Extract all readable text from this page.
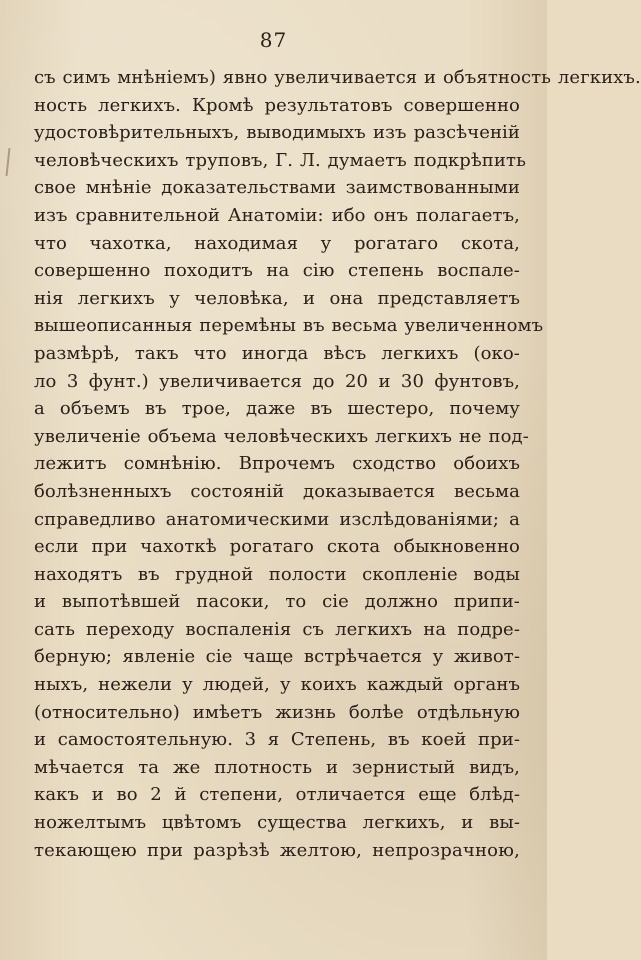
87
съ симъ мнѣніемъ) явно увеличивается и объятность легкихъ.
ность легкихъ. Кромѣ результатовъ совершенно
удостовѣрительныхъ, выводимыхъ изъ разсѣченій
человѣческихъ труповъ, Г. Л. думаетъ подкрѣпить
свое мнѣніе доказательствами заимствованными
изъ сравнительной Анатоміи: ибо онъ полагаетъ,
что чахотка, находимая у рогатаго скота,
совершенно походитъ на сію степень воспале-
нія легкихъ у человѣка, и она представляетъ
вышеописанныя перемѣны въ весьма увеличенномъ
размѣрѣ, такъ что иногда вѣсъ легкихъ (око-
ло 3 фунт.) увеличивается до 20 и 30 фунтовъ,
а объемъ въ трое, даже въ шестеро, почему
увеличеніе объема человѣческихъ легкихъ не под-
лежитъ сомнѣнію. Впрочемъ сходство обоихъ
болѣзненныхъ состояній доказывается весьма
справедливо анатомическими изслѣдованіями; а
если при чахоткѣ рогатаго скота обыкновенно
находятъ въ грудной полости скопленіе воды
и выпотѣвшей пасоки, то сіе должно припи-
сать переходу воспаленія съ легкихъ на подре-
берную; явленіе сіе чаще встрѣчается у живот-
ныхъ, нежели у людей, у коихъ каждый органъ
(относительно) имѣетъ жизнь болѣе отдѣльную
и самостоятельную. 3 я Степень, въ коей при-
мѣчается та же плотность и зернистый видъ,
какъ и во 2 й степени, отличается еще блѣд-
ножелтымъ цвѣтомъ существа легкихъ, и вы-
текающею при разрѣзѣ желтою, непрозрачною,
